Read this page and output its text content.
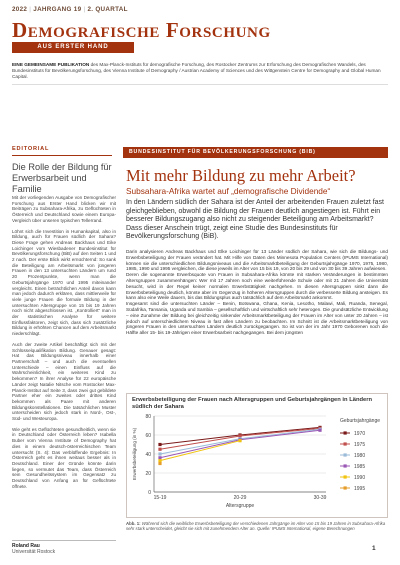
2022 | JAHRGANG 19 | 2. QUARTAL
Demografische Forschung
AUS ERSTER HAND
EINE GEMEINSAME PUBLIKATION des Max-Planck-Instituts für demografische Forschung, des Rostocker Zentrums zur Erforschung des Demografischen Wandels, des Bundesinstituts für Bevölkerungsforschung, des Vienna Institute of Demography / Austrian Academy of Sciences und des Wittgenstein Centre for Demography and Global Human Capital.
EDITORIAL
Die Rolle der Bildung für Erwerbsarbeit und Familie

Mit der vorliegenden Ausgabe von Demografischer Forschung aus Erster Hand blicken wir mit Beiträgen zu Subsahara-Afrika, zu Geflüchteten in Österreich und Deutschland sowie einem Europa-Vergleich über unseren typischen Tellerrand.

Löhnt sich die Investition in Humankapital, also in Bildung, auch für Frauen südlich der Sahara? Diese Frage gehen Andreas Backhaus und Eike Loichinger vom Wiesbadener Bundesinstitut für Bevölkerungsforschung (BiB) auf den Seiten 1 und 2 nach. Der erste Blick wirkt ernüchternd: So sank die Beteiligung am Arbeitsmarkt von jüngeren Frauen in den 13 untersuchten Ländern um rund 20 Prozentpunkte, wenn man die Geburtsjahrgänge 1970 und 1995 miteinander vergleicht. Einen beträchtlichen Anteil davon kann man jedoch dadurch erklären, dass mittlerweile für viele junge Frauen die formale Bildung in der untersuchten Altersgruppe von 15 bis 19 Jahren noch nicht abgeschlossen ist. „Kontrolliert“ man in der statistischen Analyse für weitere Einflussfaktoren, zeigt sich, dass sich zusätzliche Bildung in erhöhten Chancen auf dem Arbeitsmarkt niederschlägt.

Auch der zweite Artikel beschäftigt sich mit der Schlüsselqualifikation Bildung. Genauer gesagt: Hat das Bildungsniveau innerhalb einer Partnerschaft – und auch die eventuellen Unterschiede – einen Einfluss auf die Wahrscheinlichkeit, ein weiteres Kind zu bekommen? In ihrer Analyse für 22 europäische Länder zeigt Natalie Nitsche vom Rostocker Max-Planck-Institut auf Seite 3, dass zwei gut gebildete Partner eher ein zweites oder drittes Kind bekommen als Paare mit anderen Bildungskonstellationen. Die tatsächlichen Muster unterscheiden sich jedoch stark in Nord-, Ost-, Süd- und Westeuropa.

Wie geht es Geflüchteten gesundheitlich, wenn sie in Deutschland oder Österreich leben? Isabella Buber vom Vienna Institute of Demography hat dies in einem deutsch-österreichischen Team untersucht (S. 4): Das verblüffende Ergebnis: In Österreich geht es ihnen weitaus besser als in Deutschland. Einer der Gründe könnte darin liegen, so vermutet das Team, dass Österreich sein Gesundheitssystem im Gegensatz zu Deutschland von Anfang an für Geflüchtete öffnete.

Roland Rau
Universität Rostock
BUNDESINSTITUT FÜR BEVÖLKERUNGSFORSCHUNG (BIB)
Mit mehr Bildung zu mehr Arbeit?
Subsahara-Afrika wartet auf „demografische Dividende“
In den Ländern südlich der Sahara ist der Anteil der arbeitenden Frauen zuletzt fast gleichgeblieben, obwohl die Bildung der Frauen deutlich angestiegen ist. Führt ein besserer Bildungszugang also nicht zu steigender Beteiligung am Arbeitsmarkt? Dass dieser Anschein trügt, zeigt eine Studie des Bundesinstituts für Bevölkerungsforschung (BiB).

Darin analysieren Andreas Backhaus und Elke Loichinger für 13 Länder südlich der Sahara, wie sich die Bildungs- und Erwerbsbeteiligung der Frauen verändert hat. Mit Hilfe von Daten des Minnesota Population Centers (IPUMS International) können sie die unterschiedlichen Bildungsniveaus und die Arbeitsmarktbeteiligung der Geburtsjahrgänge 1970, 1975, 1980, 1985, 1990 und 1995 vergleichen, die diese jeweils im Alter von 15 bis 19, von 20 bis 29 und von 30 bis 39 Jahren aufwiesen.

Deren die sogenannte Erwerbsquote von Frauen in Subsahara-Afrika könnte mit starken Veränderungen in bestimmten Altersgruppen zusammenhängen: Wer mit 17 Jahren noch eine weiterführende Schule oder mit 21 Jahren die Universität besucht, wird in der Regel keiner normalen Erwerbstätigkeit nachgehen. In diesen Altersgruppen sinkt dann die Erwerbsbeteiligung deutlich, könnte aber im Gegenzug in höheren Altersgruppen durch die verbesserte Bildung ansteigen. Es kann also eine Weile dauern, bis das Bildungsplus auch tatsächlich auf dem Arbeitsmarkt ankommt.

Insgesamt sind die untersuchten Länder – Benin, Botswana, Ghana, Kenia, Lesotho, Malawi, Mali, Ruanda, Senegal, Südafrika, Tansania, Uganda und Sambia – gesellschaftlich und wirtschaftlich sehr heterogen. Die grundsätzliche Entwicklung – eine Zunahme der Bildung bei gleichzeitig sinkender Arbeitsmarktbeteiligung der Frauen im Alter von unter 20 Jahren – ist jedoch auf unterschiedlichem Niveau in fast allen Ländern zu beobachten. Im Schnitt ist die Arbeitsmarktbeteiligung von jüngeren Frauen in den untersuchten Ländern deutlich zurückgegangen. So ist von der im Jahr 1970 Geborenen noch die Hälfte aller 15- bis 19-Jährigen einer Erwerbsarbeit nachgegangen. Bei dem jüngsten

Erwerbsbeteiligung der Frauen nach Altersgruppen und Geburtsjahrgängen in Ländern südlich der Sahara
0
20
40
60
80
15-19	20-29	30-39
Altersgruppe
Erwerbsbeteiligung (in %)
Geburtsjahrgänge
1970
1975
1980
1985
1990
1995
Abb. 1: Während sich die weibliche Erwerbsbeteiligung der verschiedenen Jahrgänge im Alter von 15 bis 19 Jahren in Subsahara-Afrika sehr stark unterscheidet, gleicht sie sich mit zunehmendem Alter an. Quelle: IPUMS International, eigene Berechnungen
1
